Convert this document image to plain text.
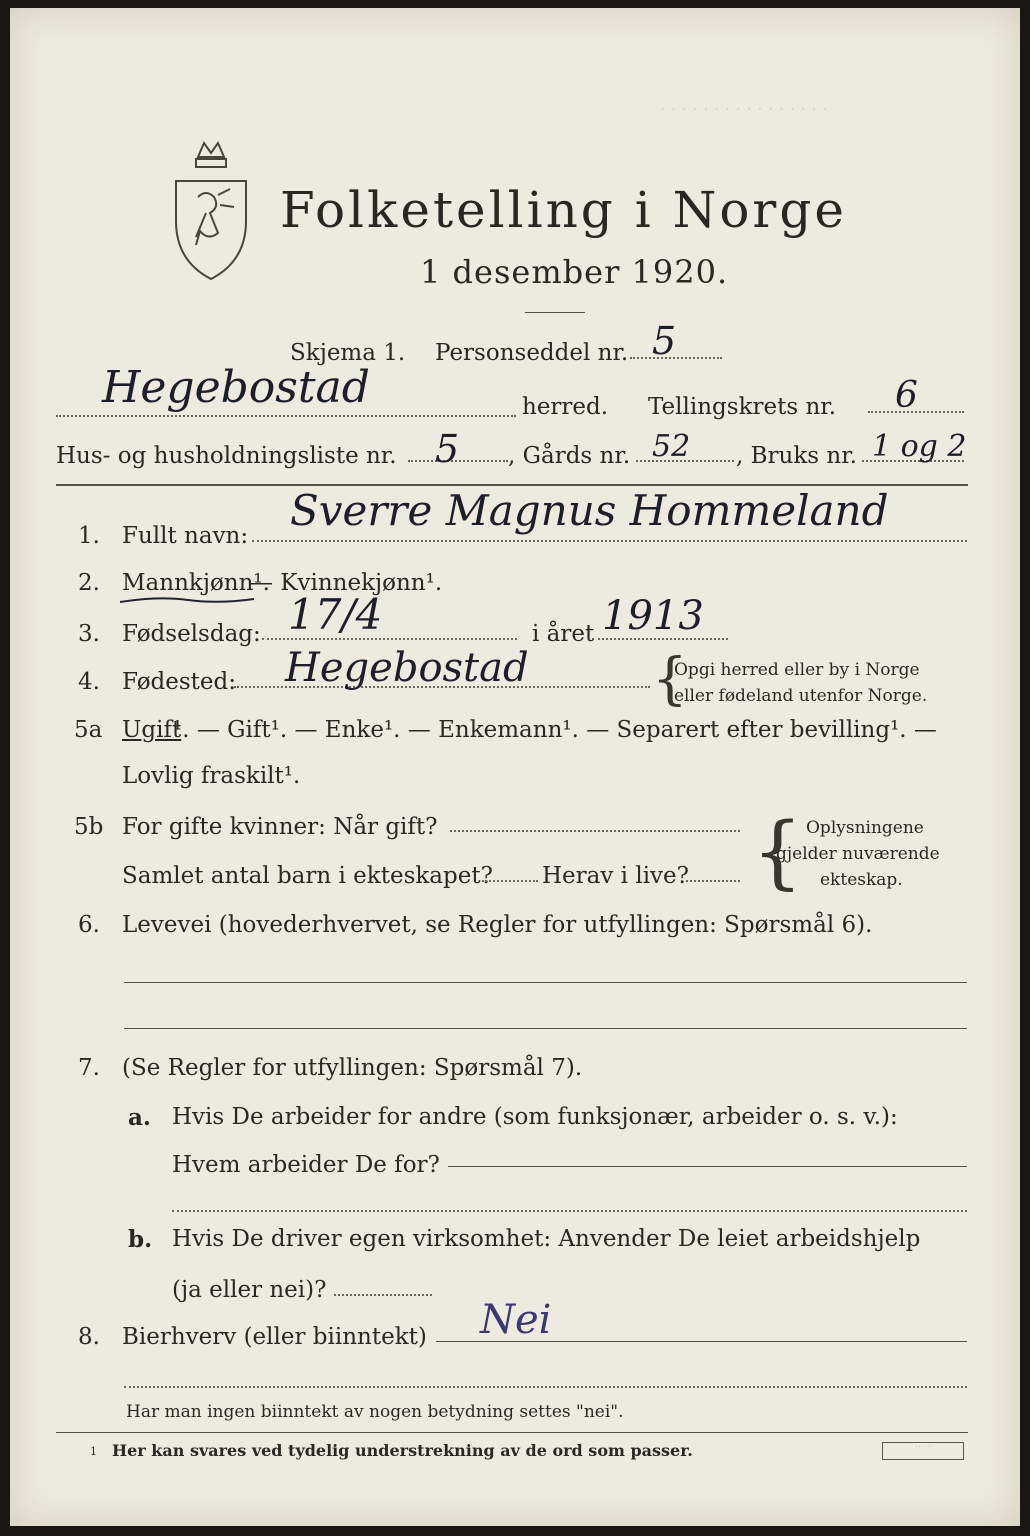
· · · · · · · · · · · · · · · ·
Folketelling i Norge
1 desember 1920.
Skjema 1. Personseddel nr. 5
Hegebostad	herred. Tellingskrets nr. 6
Hus- og husholdningsliste nr. 5 , Gårds nr. 52 , Bruks nr. 1 og 2
1. Fullt navn:
Sverre Magnus Hommeland
2. Mannkjønn¹.
— Kvinnekjønn¹.
3. Fødselsdag: 17/4	i året 1913
4. Fødested: Hegebostad {
Opgi herred eller by i Norge
eller fødeland utenfor Norge.
5a Ugift
¹. — Gift¹. — Enke¹. — Enkemann¹. — Separert efter bevilling¹. —
Lovlig fraskilt¹.
5b For gifte kvinner: Når gift?
Samlet antal barn i ekteskapet? Herav i live? { Oplysningene
gjelder nuværende
ekteskap.
6. Levevei (hovederhvervet, se Regler for utfyllingen: Spørsmål 6).
7. (Se Regler for utfyllingen: Spørsmål 7).
a. Hvis De arbeider for andre (som funksjonær, arbeider o. s. v.):
Hvem arbeider De for?
b. Hvis De driver egen virksomhet: Anvender De leiet arbeidshjelp
(ja eller nei)?
8. Bierhverv (eller biinntekt) Nei
Har man ingen biinntekt av nogen betydning settes "nei".
1 Her kan svares ved tydelig understrekning av de ord som passer.	· · · · ·
